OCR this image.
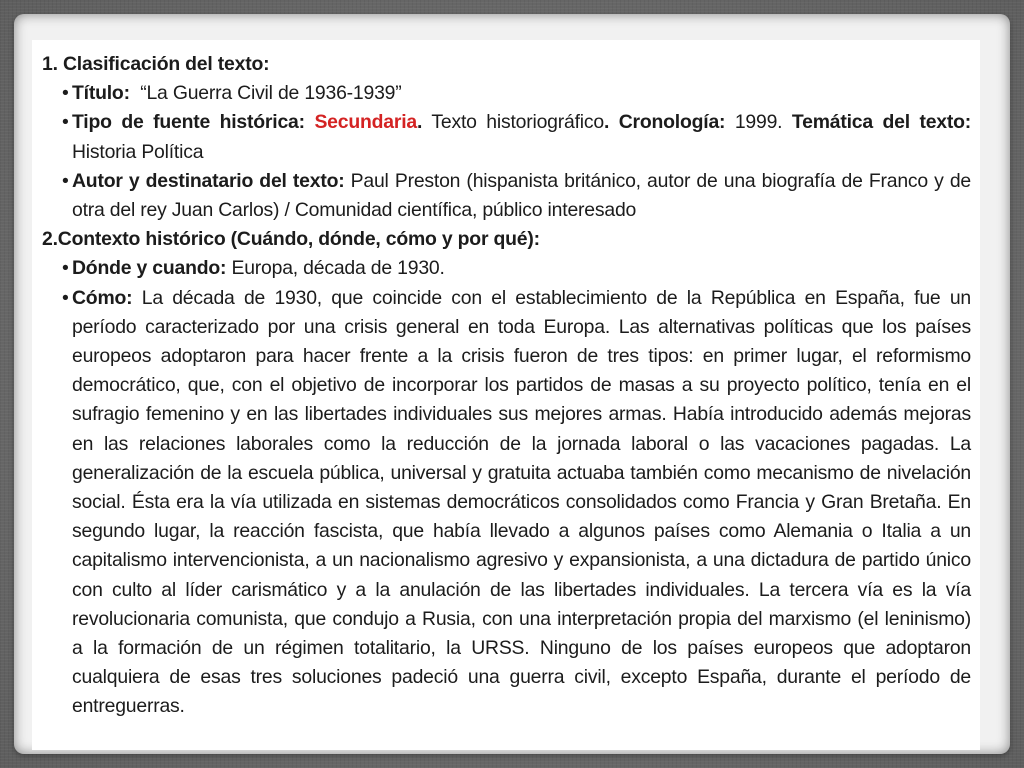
1. Clasificación del texto:

• Título:  “La Guerra Civil de 1936-1939”

• Tipo de fuente histórica: Secundaria. Texto historiográfico. Cronología: 1999. Temática del texto: Historia Política

• Autor y destinatario del texto: Paul Preston (hispanista británico, autor de una biografía de Franco y de otra del rey Juan Carlos) / Comunidad científica, público interesado

2.Contexto histórico (Cuándo, dónde, cómo y por qué):

• Dónde y cuando: Europa, década de 1930.

• Cómo: La década de 1930, que coincide con el establecimiento de la República en España, fue un período caracterizado por una crisis general en toda Europa. Las alternativas políticas que los países europeos adoptaron para hacer frente a la crisis fueron de tres tipos: en primer lugar, el reformismo democrático, que, con el objetivo de incorporar los partidos de masas a su proyecto político, tenía en el sufragio femenino y en las libertades individuales sus mejores armas. Había introducido además mejoras en las relaciones laborales como la reducción de la jornada laboral o las vacaciones pagadas. La generalización de la escuela pública, universal y gratuita actuaba también como mecanismo de nivelación social. Ésta era la vía utilizada en sistemas democráticos consolidados como Francia y Gran Bretaña. En segundo lugar, la reacción fascista, que había llevado a algunos países como Alemania o Italia a un capitalismo intervencionista, a un nacionalismo agresivo y expansionista, a una dictadura de partido único con culto al líder carismático y a la anulación de las libertades individuales. La tercera vía es la vía revolucionaria comunista, que condujo a Rusia, con una interpretación propia del marxismo (el leninismo) a la formación de un régimen totalitario, la URSS. Ninguno de los países europeos que adoptaron cualquiera de esas tres soluciones padeció una guerra civil, excepto España, durante el período de entreguerras.
